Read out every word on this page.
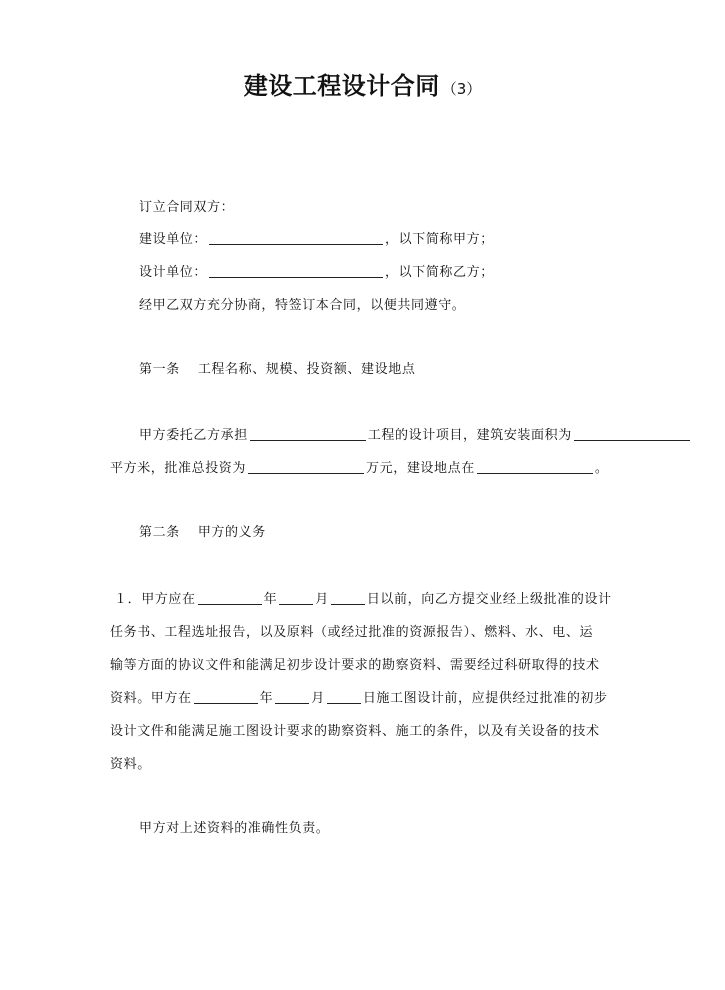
建设工程设计合同 （3）
订立合同双方：
建设单位：	，以下简称甲方；
设计单位：	，以下简称乙方；
经甲乙双方充分协商，特签订本合同，以便共同遵守。
第一条 工程名称、规模、投资额、建设地点
甲方委托乙方承担	工程的设计项目，建筑安装面积为
平方米，批准总投资为	万元，建设地点在	。
第二条 甲方的义务
１．甲方应在	年	月	日以前，向乙方提交业经上级批准的设计
任务书、工程选址报告，以及原料（或经过批准的资源报告）、燃料、水、电、运
输等方面的协议文件和能满足初步设计要求的勘察资料、需要经过科研取得的技术
资料。甲方在	年	月	日施工图设计前，应提供经过批准的初步
设计文件和能满足施工图设计要求的勘察资料、施工的条件，以及有关设备的技术
资料。
甲方对上述资料的准确性负责。
